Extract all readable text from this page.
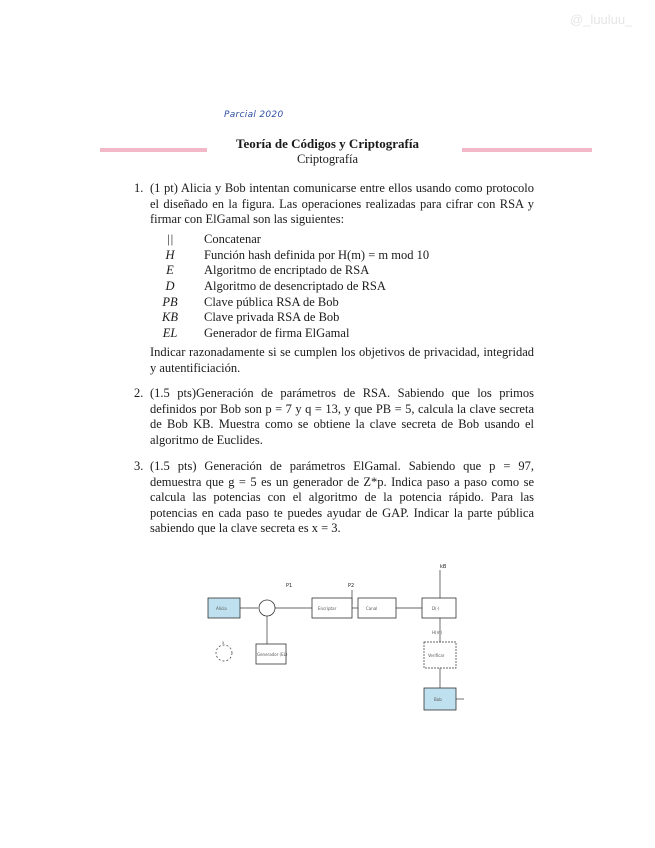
@_luuluu_
Parcial 2020
Teoría de Códigos y Criptografía
Criptografía
1. (1 pt) Alicia y Bob intentan comunicarse entre ellos usando como protocolo el diseñado en la figura. Las operaciones realizadas para cifrar con RSA y firmar con ElGamal son las siguientes:
||	Concatenar
H	Función hash definida por H(m) = m mod 10
E	Algoritmo de encriptado de RSA
D	Algoritmo de desencriptado de RSA
PB	Clave pública RSA de Bob
KB	Clave privada RSA de Bob
EL	Generador de firma ElGamal
Indicar razonadamente si se cumplen los objetivos de privacidad, integridad y autentificiación.
2. (1.5 pts)Generación de parámetros de RSA. Sabiendo que los primos definidos por Bob son p = 7 y q = 13, y que PB = 5, calcula la clave secreta de Bob KB. Muestra como se obtiene la clave secreta de Bob usando el algoritmo de Euclides.
3. (1.5 pts) Generación de parámetros ElGamal. Sabiendo que p = 97, demuestra que g = 5 es un generador de Z*p. Indica paso a paso como se calcula las potencias con el algoritmo de la potencia rápido. Para las potencias en cada paso te puedes ayudar de GAP. Indicar la parte pública sabiendo que la clave secreta es x = 3.
Alicia
P1	P2
Encriptar	Canal
kB
D(·)
H(m)
x
Generador (EL)	Verificar
Bob
